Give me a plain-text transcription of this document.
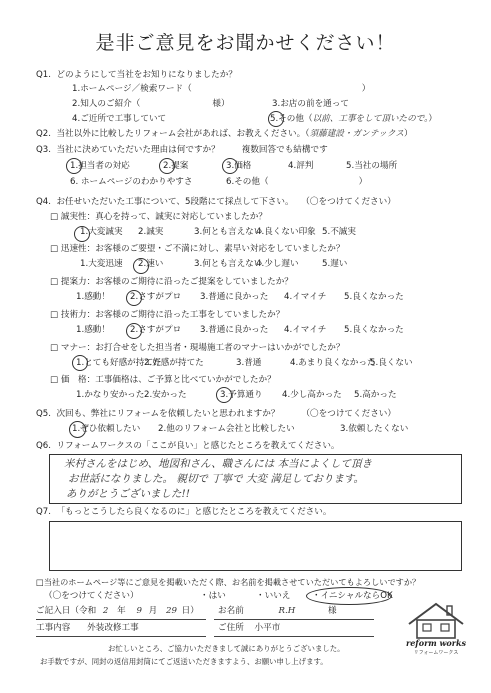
是非ご意見をお聞かせください！
Q1. どのようにして当社をお知りになりましたか？
1.ホームページ／検索ワード（	）
2.知人のご紹介（	様）	3.お店の前を通って
4.ご近所で工事していて	5.その他（以前、工事をして頂いたので。）
Q2. 当社以外に比較したリフォーム会社があれば、お教えください。（須藤建設・ガンテックス）
Q3. 当社に決めていただいた理由は何ですか？	複数回答でも結構です
1.担当者の対応	2.提案	3.価格	4.評判	5.当社の場所
6. ホームページのわかりやすさ	6.その他（	）
Q4. お任せいただいた工事について、5段階にて採点して下さい。 （〇をつけてください）
□ 誠実性：真心を持って、誠実に対応していましたか？
1.大変誠実 2.誠実	3.何とも言えない
4.良くない印象 5.不誠実
□ 迅速性：お客様のご要望・ご不満に対し、素早い対応をしていましたか？
1.大変迅速 2.速い	3.何とも言えない
4.少し遅い	5.遅い
□ 提案力：お客様のご期待に沿ったご提案をしていましたか？
1.感動！ 2.さすがプロ 3.普通に良かった 4.イマイチ 5.良くなかった
□ 技術力：お客様のご期待に沿った工事をしていましたか？
1.感動！ 2.さすがプロ 3.普通に良かった 4.イマイチ 5.良くなかった
□ マナー：お打合せをした担当者・現場施工者のマナーはいかがでしたか？
1.とても好感が持てた
2.好感が持てた	3.普通	4.あまり良くなかった
5.良くない
□ 価　格：工事価格は、ご予算と比べていかがでしたか？
1.かなり安かった 2.安かった	3.予算通り 4.少し高かった 5.高かった
Q5. 次回も、弊社にリフォームを依頼したいと思われますか？	（〇をつけてください）
1.ぜひ依頼したい 2.他のリフォーム会社と比較したい	3.依頼したくない
Q6. リフォームワークスの「ここが良い」と感じたところを教えてください。
米村さんをはじめ、地図和さん、職さんには 本当によくして頂き
お世話になりました。 親切で 丁寧で 大変 満足しております。
ありがとうございました!!
Q7. 「もっとこうしたら良くなるのに」と感じたところを教えてください。
□当社のホームページ等にご意見を掲載いただく際、お名前を掲載させていただいてもよろしいですか？
（〇をつけてください）	・はい	・いいえ	・イニシャルならOK
ご記入日（令和 2 年 9 月 29 日） お名前	R.H	様
工事内容 外装改修工事	ご住所 小平市
お忙しいところ、ご協力いただきまして誠にありがとうございました。
お手数ですが、同封の返信用封筒にてご返送いただきますよう、お願い申し上げます。
reform works
リフォームワークス
